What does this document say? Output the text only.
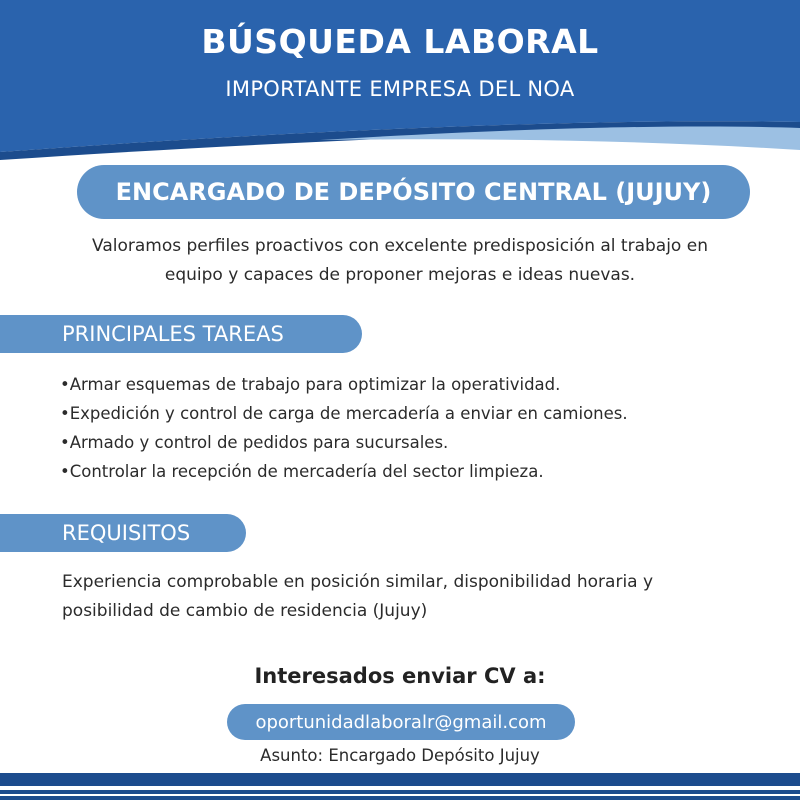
BÚSQUEDA LABORAL
IMPORTANTE EMPRESA DEL NOA
ENCARGADO DE DEPÓSITO CENTRAL (JUJUY)
Valoramos perfiles proactivos con excelente predisposición al trabajo en
equipo y capaces de proponer mejoras e ideas nuevas.
PRINCIPALES TAREAS
• Armar esquemas de trabajo para optimizar la operatividad.
• Expedición y control de carga de mercadería a enviar en camiones.
• Armado y control de pedidos para sucursales.
• Controlar la recepción de mercadería del sector limpieza.
REQUISITOS
Experiencia comprobable en posición similar, disponibilidad horaria y
posibilidad de cambio de residencia (Jujuy)
Interesados enviar CV a:
oportunidadlaboralr@gmail.com
Asunto: Encargado Depósito Jujuy
